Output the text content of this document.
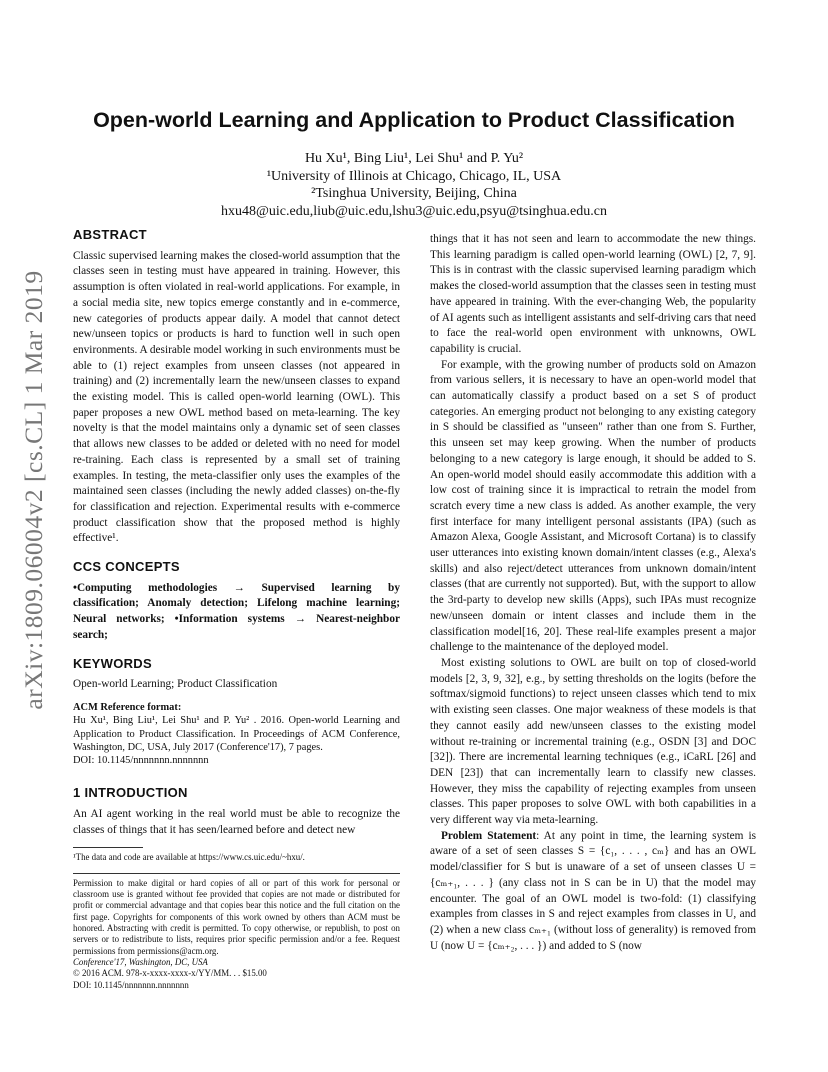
arXiv:1809.06004v2 [cs.CL] 1 Mar 2019
Open-world Learning and Application to Product Classification
Hu Xu¹, Bing Liu¹, Lei Shu¹ and P. Yu²
¹University of Illinois at Chicago, Chicago, IL, USA
²Tsinghua University, Beijing, China
hxu48@uic.edu,liub@uic.edu,lshu3@uic.edu,psyu@tsinghua.edu.cn
ABSTRACT

Classic supervised learning makes the closed-world assumption that the classes seen in testing must have appeared in training. However, this assumption is often violated in real-world applications. For example, in a social media site, new topics emerge constantly and in e-commerce, new categories of products appear daily. A model that cannot detect new/unseen topics or products is hard to function well in such open environments. A desirable model working in such environments must be able to (1) reject examples from unseen classes (not appeared in training) and (2) incrementally learn the new/unseen classes to expand the existing model. This is called open-world learning (OWL). This paper proposes a new OWL method based on meta-learning. The key novelty is that the model maintains only a dynamic set of seen classes that allows new classes to be added or deleted with no need for model re-training. Each class is represented by a small set of training examples. In testing, the meta-classifier only uses the examples of the maintained seen classes (including the newly added classes) on-the-fly for classification and rejection. Experimental results with e-commerce product classification show that the proposed method is highly effective¹.

CCS CONCEPTS

•Computing methodologies → Supervised learning by classification; Anomaly detection; Lifelong machine learning; Neural networks; •Information systems → Nearest-neighbor search;

KEYWORDS

Open-world Learning; Product Classification

ACM Reference format:

Hu Xu¹, Bing Liu¹, Lei Shu¹ and P. Yu² . 2016. Open-world Learning and Application to Product Classification. In Proceedings of ACM Conference, Washington, DC, USA, July 2017 (Conference'17), 7 pages.

DOI: 10.1145/nnnnnnn.nnnnnnn

1 INTRODUCTION

An AI agent working in the real world must be able to recognize the classes of things that it has seen/learned before and detect new

¹The data and code are available at https://www.cs.uic.edu/~hxu/.

Permission to make digital or hard copies of all or part of this work for personal or classroom use is granted without fee provided that copies are not made or distributed for profit or commercial advantage and that copies bear this notice and the full citation on the first page. Copyrights for components of this work owned by others than ACM must be honored. Abstracting with credit is permitted. To copy otherwise, or republish, to post on servers or to redistribute to lists, requires prior specific permission and/or a fee. Request permissions from permissions@acm.org.

Conference'17, Washington, DC, USA

© 2016 ACM. 978-x-xxxx-xxxx-x/YY/MM. . . $15.00

DOI: 10.1145/nnnnnnn.nnnnnnn

things that it has not seen and learn to accommodate the new things. This learning paradigm is called open-world learning (OWL) [2, 7, 9]. This is in contrast with the classic supervised learning paradigm which makes the closed-world assumption that the classes seen in testing must have appeared in training. With the ever-changing Web, the popularity of AI agents such as intelligent assistants and self-driving cars that need to face the real-world open environment with unknowns, OWL capability is crucial.

For example, with the growing number of products sold on Amazon from various sellers, it is necessary to have an open-world model that can automatically classify a product based on a set S of product categories. An emerging product not belonging to any existing category in S should be classified as "unseen" rather than one from S. Further, this unseen set may keep growing. When the number of products belonging to a new category is large enough, it should be added to S. An open-world model should easily accommodate this addition with a low cost of training since it is impractical to retrain the model from scratch every time a new class is added. As another example, the very first interface for many intelligent personal assistants (IPA) (such as Amazon Alexa, Google Assistant, and Microsoft Cortana) is to classify user utterances into existing known domain/intent classes (e.g., Alexa's skills) and also reject/detect utterances from unknown domain/intent classes (that are currently not supported). But, with the support to allow the 3rd-party to develop new skills (Apps), such IPAs must recognize new/unseen domain or intent classes and include them in the classification model[16, 20]. These real-life examples present a major challenge to the maintenance of the deployed model.

Most existing solutions to OWL are built on top of closed-world models [2, 3, 9, 32], e.g., by setting thresholds on the logits (before the softmax/sigmoid functions) to reject unseen classes which tend to mix with existing seen classes. One major weakness of these models is that they cannot easily add new/unseen classes to the existing model without re-training or incremental training (e.g., OSDN [3] and DOC [32]). There are incremental learning techniques (e.g., iCaRL [26] and DEN [23]) that can incrementally learn to classify new classes. However, they miss the capability of rejecting examples from unseen classes. This paper proposes to solve OWL with both capabilities in a very different way via meta-learning.

Problem Statement: At any point in time, the learning system is aware of a set of seen classes S = {c₁, . . . , cₘ} and has an OWL model/classifier for S but is unaware of a set of unseen classes U = {cₘ₊₁, . . . } (any class not in S can be in U) that the model may encounter. The goal of an OWL model is two-fold: (1) classifying examples from classes in S and reject examples from classes in U, and (2) when a new class cₘ₊₁ (without loss of generality) is removed from U (now U = {cₘ₊₂, . . . }) and added to S (now
